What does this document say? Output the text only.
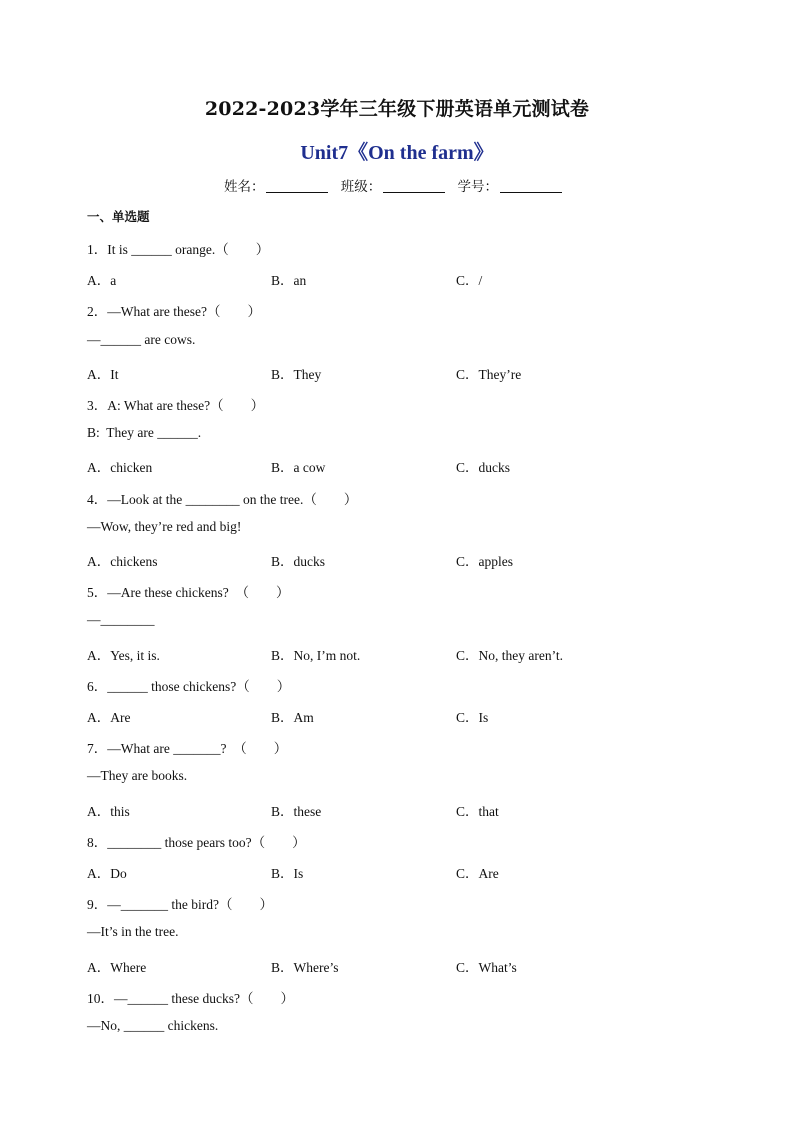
2022-2023学年三年级下册英语单元测试卷
Unit7《On the farm》
姓名：	班级：	学号：
一、单选题
1．It is ______ orange.（　　）
A．a	B．an	C．/
2．—What are these?（　　）
—______ are cows.
A．It	B．They	C．They’re
3．A: What are these?（　　）
B:  They are ______.
A．chicken	B．a cow	C．ducks
4．—Look at the ________ on the tree.（　　）
—Wow, they’re red and big!
A．chickens	B．ducks	C．apples
5．—Are these chickens?  （　　）
—________
A．Yes, it is.	B．No, I’m not.	C．No, they aren’t.
6．______ those chickens?（　　）
A．Are	B．Am	C．Is
7．—What are _______?  （　　）
—They are books.
A．this	B．these	C．that
8．________ those pears too?（　　）
A．Do	B．Is	C．Are
9．—_______ the bird?（　　）
—It’s in the tree.
A．Where	B．Where’s	C．What’s
10．—______ these ducks?（　　）
—No, ______ chickens.
